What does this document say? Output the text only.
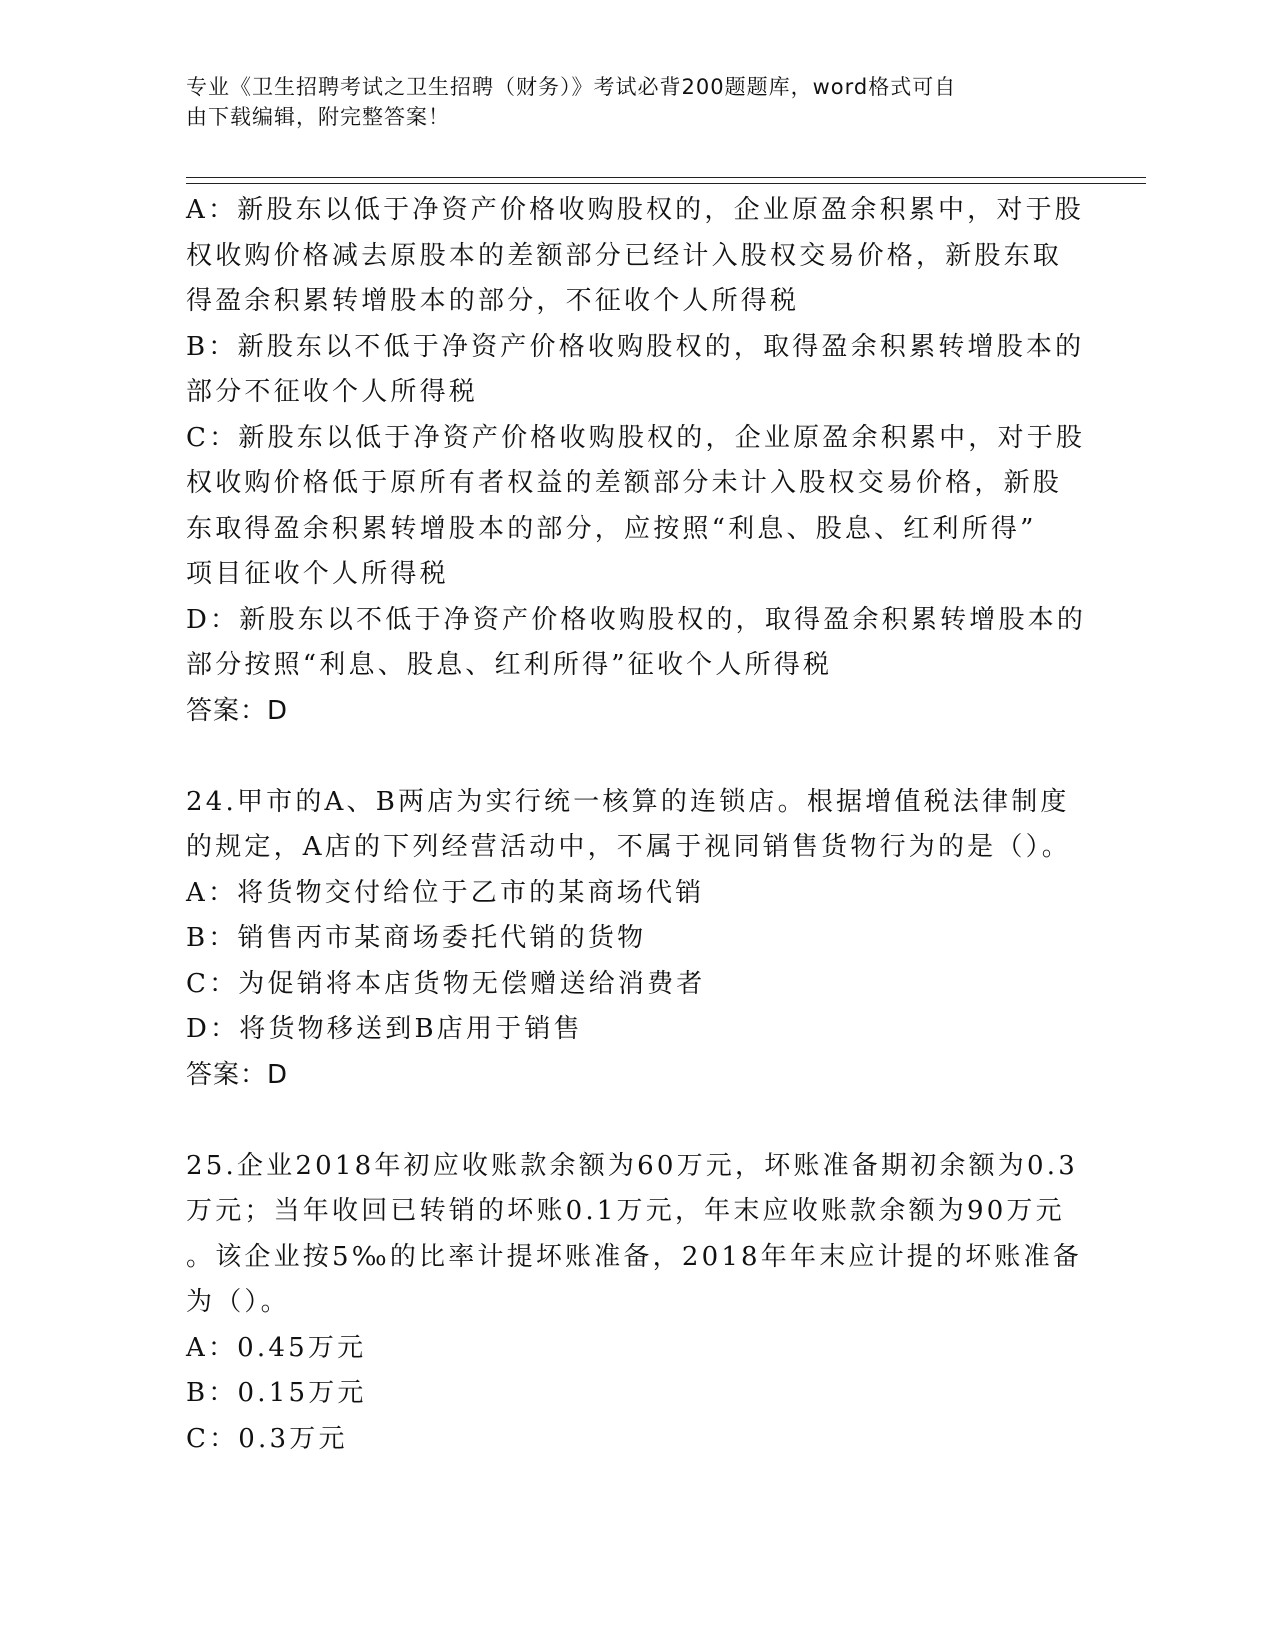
专业《卫生招聘考试之卫生招聘（财务）》考试必背200题题库，word格式可自
由下载编辑，附完整答案！
A：新股东以低于净资产价格收购股权的，企业原盈余积累中，对于股
权收购价格减去原股本的差额部分已经计入股权交易价格，新股东取
得盈余积累转增股本的部分，不征收个人所得税
B：新股东以不低于净资产价格收购股权的，取得盈余积累转增股本的
部分不征收个人所得税
C：新股东以低于净资产价格收购股权的，企业原盈余积累中，对于股
权收购价格低于原所有者权益的差额部分未计入股权交易价格，新股
东取得盈余积累转增股本的部分，应按照“利息、股息、红利所得”
项目征收个人所得税
D：新股东以不低于净资产价格收购股权的，取得盈余积累转增股本的
部分按照“利息、股息、红利所得”征收个人所得税
答案：D
24.甲市的A、B两店为实行统一核算的连锁店。根据增值税法律制度
的规定，A店的下列经营活动中，不属于视同销售货物行为的是（）。
A：将货物交付给位于乙市的某商场代销
B：销售丙市某商场委托代销的货物
C：为促销将本店货物无偿赠送给消费者
D：将货物移送到B店用于销售
答案：D
25.企业2018年初应收账款余额为60万元，坏账准备期初余额为0.3
万元；当年收回已转销的坏账0.1万元，年末应收账款余额为90万元
。该企业按5‰的比率计提坏账准备，2018年年末应计提的坏账准备
为（）。
A：0.45万元
B：0.15万元
C：0.3万元
